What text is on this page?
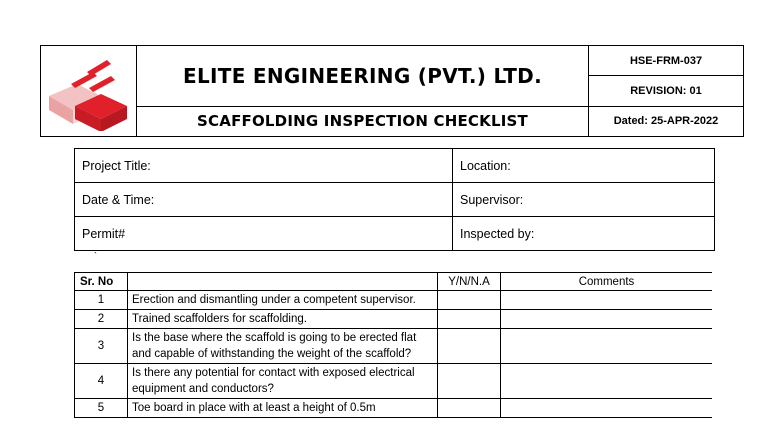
	ELITE ENGINEERING (PVT.) LTD.	HSE-FRM-037
		REVISION: 01
	SCAFFOLDING INSPECTION CHECKLIST	Dated: 25-APR-2022
Project Title:	Location:
Date & Time:	Supervisor:
Permit#	Inspected by:
`
Sr. No		Y/N/N.A	Comments
1	Erection and dismantling under a competent supervisor.		
2	Trained scaffolders for scaffolding.		
3	Is the base where the scaffold is going to be erected flat and capable of withstanding the weight of the scaffold?		
4	Is there any potential for contact with exposed electrical equipment and conductors?		
5	Toe board in place with at least a height of 0.5m		
